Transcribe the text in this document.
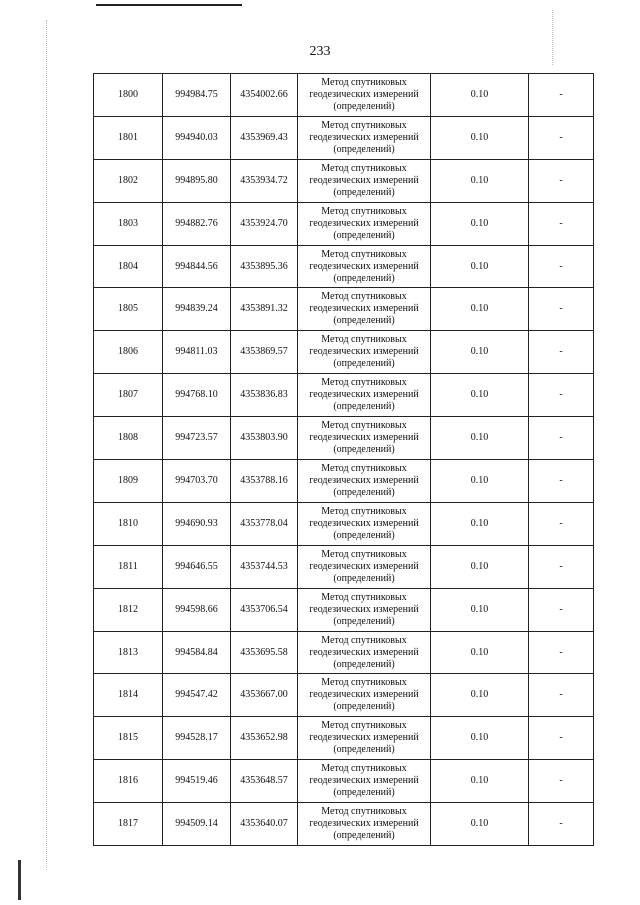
233
1800	994984.75	4354002.66	Метод спутниковых
геодезических измерений
(определений)	0.10	-
1801	994940.03	4353969.43	Метод спутниковых
геодезических измерений
(определений)	0.10	-
1802	994895.80	4353934.72	Метод спутниковых
геодезических измерений
(определений)	0.10	-
1803	994882.76	4353924.70	Метод спутниковых
геодезических измерений
(определений)	0.10	-
1804	994844.56	4353895.36	Метод спутниковых
геодезических измерений
(определений)	0.10	-
1805	994839.24	4353891.32	Метод спутниковых
геодезических измерений
(определений)	0.10	-
1806	994811.03	4353869.57	Метод спутниковых
геодезических измерений
(определений)	0.10	-
1807	994768.10	4353836.83	Метод спутниковых
геодезических измерений
(определений)	0.10	-
1808	994723.57	4353803.90	Метод спутниковых
геодезических измерений
(определений)	0.10	-
1809	994703.70	4353788.16	Метод спутниковых
геодезических измерений
(определений)	0.10	-
1810	994690.93	4353778.04	Метод спутниковых
геодезических измерений
(определений)	0.10	-
1811	994646.55	4353744.53	Метод спутниковых
геодезических измерений
(определений)	0.10	-
1812	994598.66	4353706.54	Метод спутниковых
геодезических измерений
(определений)	0.10	-
1813	994584.84	4353695.58	Метод спутниковых
геодезических измерений
(определений)	0.10	-
1814	994547.42	4353667.00	Метод спутниковых
геодезических измерений
(определений)	0.10	-
1815	994528.17	4353652.98	Метод спутниковых
геодезических измерений
(определений)	0.10	-
1816	994519.46	4353648.57	Метод спутниковых
геодезических измерений
(определений)	0.10	-
1817	994509.14	4353640.07	Метод спутниковых
геодезических измерений
(определений)	0.10	-
